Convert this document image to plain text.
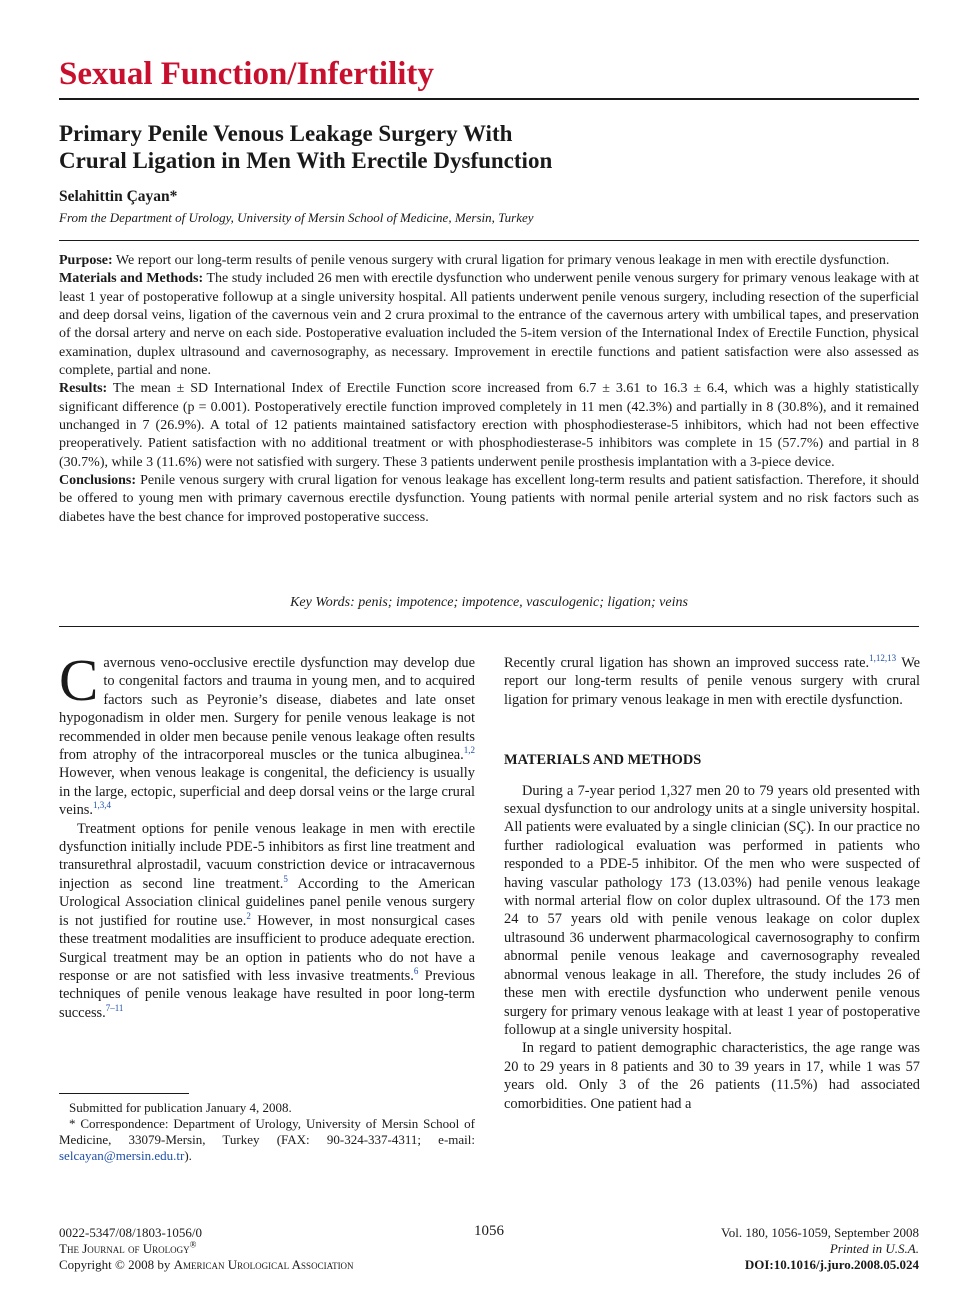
Sexual Function/Infertility
Primary Penile Venous Leakage Surgery With
Crural Ligation in Men With Erectile Dysfunction
Selahittin Çayan*
From the Department of Urology, University of Mersin School of Medicine, Mersin, Turkey

Purpose: We report our long-term results of penile venous surgery with crural ligation for primary venous leakage in men with erectile dysfunction.

Materials and Methods: The study included 26 men with erectile dysfunction who underwent penile venous surgery for primary venous leakage with at least 1 year of postoperative followup at a single university hospital. All patients underwent penile venous surgery, including resection of the superficial and deep dorsal veins, ligation of the cavernous vein and 2 crura proximal to the entrance of the cavernous artery with umbilical tapes, and preservation of the dorsal artery and nerve on each side. Postoperative evaluation included the 5-item version of the International Index of Erectile Function, physical examination, duplex ultrasound and cavernosography, as necessary. Improvement in erectile functions and patient satisfaction were also assessed as complete, partial and none.

Results: The mean ± SD International Index of Erectile Function score increased from 6.7 ± 3.61 to 16.3 ± 6.4, which was a highly statistically significant difference (p = 0.001). Postoperatively erectile function improved completely in 11 men (42.3%) and partially in 8 (30.8%), and it remained unchanged in 7 (26.9%). A total of 12 patients maintained satisfactory erection with phosphodiesterase-5 inhibitors, which had not been effective preoperatively. Patient satisfaction with no additional treatment or with phosphodiesterase-5 inhibitors was complete in 15 (57.7%) and partial in 8 (30.7%), while 3 (11.6%) were not satisfied with surgery. These 3 patients underwent penile prosthesis implantation with a 3-piece device.

Conclusions: Penile venous surgery with crural ligation for venous leakage has excellent long-term results and patient satisfaction. Therefore, it should be offered to young men with primary cavernous erectile dysfunction. Young patients with normal penile arterial system and no risk factors such as diabetes have the best chance for improved postoperative success.

Key Words: penis; impotence; impotence, vasculogenic; ligation; veins

Cavernous veno-occlusive erectile dysfunction may develop due to congenital factors and trauma in young men, and to acquired factors such as Peyronie’s disease, diabetes and late onset hypogonadism in older men. Surgery for penile venous leakage is not recommended in older men because penile venous leakage often results from atrophy of the intracorporeal muscles or the tunica albuginea.$^{1,2}$ However, when venous leakage is congenital, the deficiency is usually in the large, ectopic, superficial and deep dorsal veins or the large crural veins.$^{1,3,4}$

Treatment options for penile venous leakage in men with erectile dysfunction initially include PDE-5 inhibitors as first line treatment and transurethral alprostadil, vacuum constriction device or intracavernous injection as second line treatment.$^5$ According to the American Urological Association clinical guidelines panel penile venous surgery is not justified for routine use.$^2$ However, in most nonsurgical cases these treatment modalities are insufficient to produce adequate erection. Surgical treatment may be an option in patients who do not have a response or are not satisfied with less invasive treatments.$^6$ Previous techniques of penile venous leakage have resulted in poor long-term success.$^{7-11}$

Recently crural ligation has shown an improved success rate.$^{1,12,13}$ We report our long-term results of penile venous surgery with crural ligation for primary venous leakage in men with erectile dysfunction.

MATERIALS AND METHODS

During a 7-year period 1,327 men 20 to 79 years old presented with sexual dysfunction to our andrology units at a single university hospital. All patients were evaluated by a single clinician (SÇ). In our practice no further radiological evaluation was performed in patients who responded to a PDE-5 inhibitor. Of the men who were suspected of having vascular pathology 173 (13.03%) had penile venous leakage with normal arterial flow on color duplex ultrasound. Of the 173 men 24 to 57 years old with penile venous leakage on color duplex ultrasound 36 underwent pharmacological cavernosography to confirm abnormal penile venous leakage and cavernosography revealed abnormal venous leakage in all. Therefore, the study includes 26 of these men with erectile dysfunction who underwent penile venous surgery for primary venous leakage with at least 1 year of postoperative followup at a single university hospital.

In regard to patient demographic characteristics, the age range was 20 to 29 years in 8 patients and 30 to 39 years in 17, while 1 was 57 years old. Only 3 of the 26 patients (11.5%) had associated comorbidities. One patient had a

Submitted for publication January 4, 2008.

* Correspondence: Department of Urology, University of Mersin School of Medicine, 33079-Mersin, Turkey (FAX: 90-324-337-4311; e-mail: selcayan@mersin.edu.tr).

0022-5347/08/1803-1056/0
The Journal of Urology®
Copyright © 2008 by American Urological Association
1056	Vol. 180, 1056-1059, September 2008
Printed in U.S.A.
DOI:10.1016/j.juro.2008.05.024
